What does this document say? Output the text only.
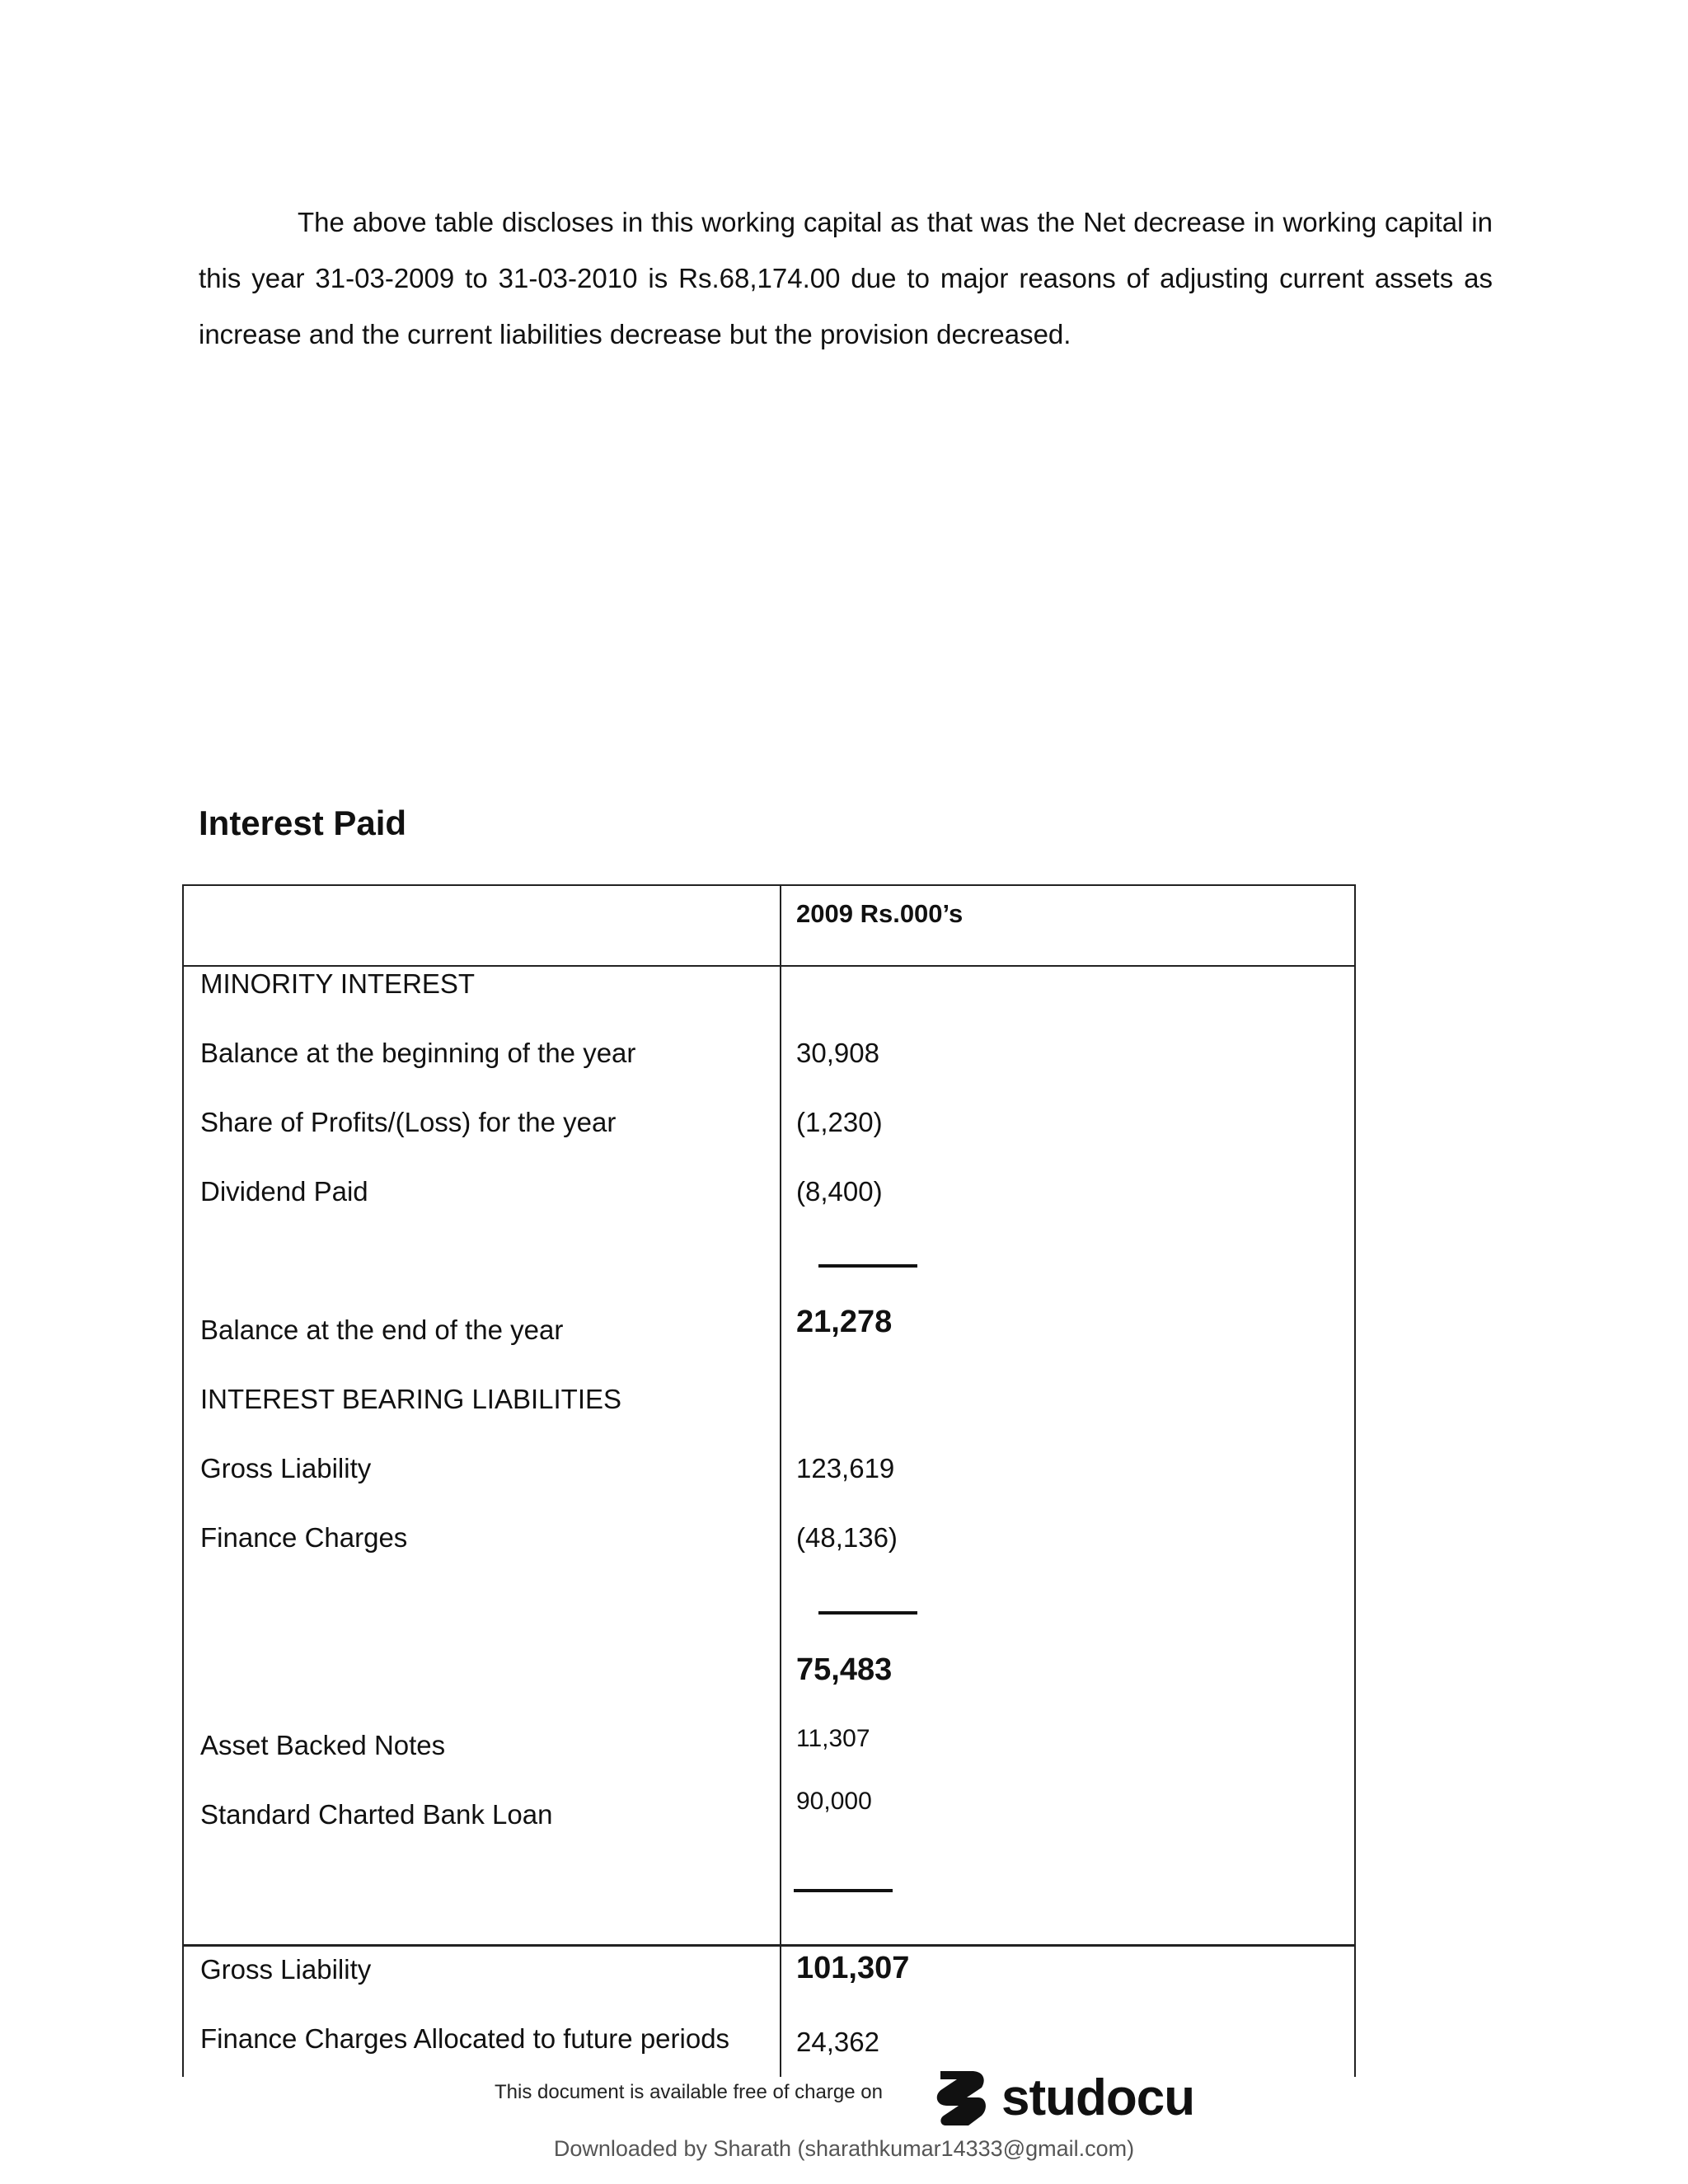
The above table discloses in this working capital as that was the Net decrease in working capital in this year 31-03-2009 to 31-03-2010 is Rs.68,174.00 due to major reasons of adjusting current assets as increase and the current liabilities decrease but the provision decreased.
Interest Paid
2009 Rs.000’s
MINORITY INTEREST
Balance at the beginning of the year	30,908
Share of Profits/(Loss) for the year	(1,230)
Dividend Paid	(8,400)
Balance at the end of the year	21,278
INTEREST BEARING LIABILITIES
Gross Liability	123,619
Finance Charges	(48,136)
75,483
Asset Backed Notes	11,307
Standard Charted Bank Loan	90,000
Gross Liability	101,307
Finance Charges Allocated to future periods 24,362
This document is available free of charge on studocu
Downloaded by Sharath (sharathkumar14333@gmail.com)
